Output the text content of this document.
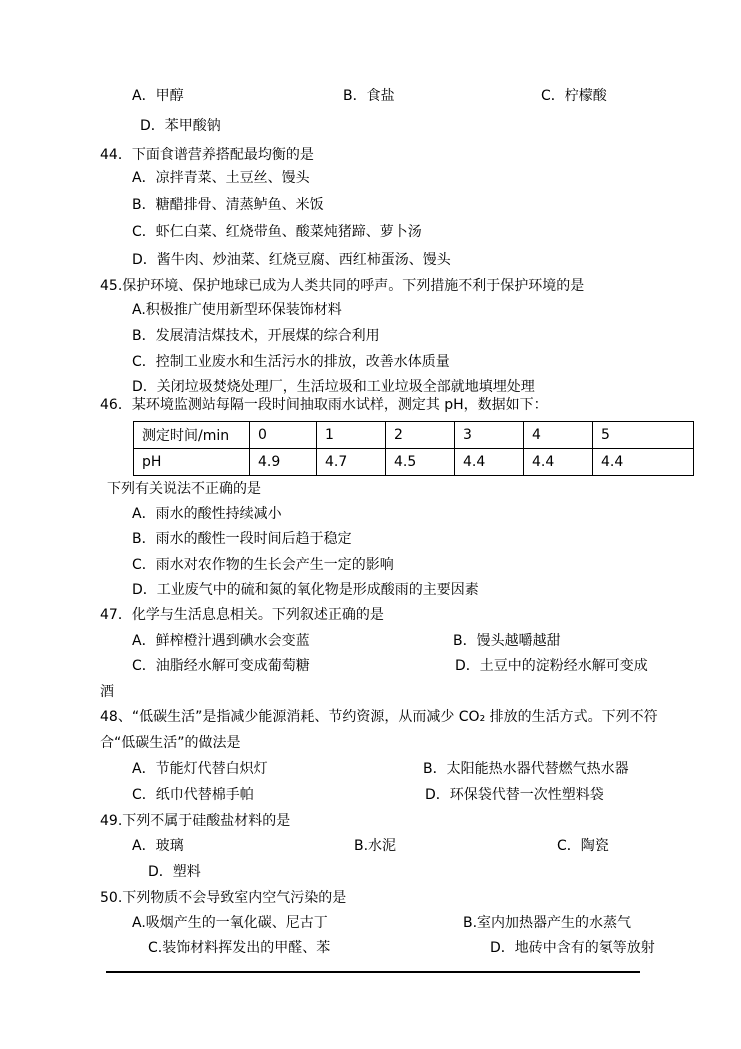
A．甲醇	B．食盐	C．柠檬酸
D．苯甲酸钠
44．下面食谱营养搭配最均衡的是
A．凉拌青菜、土豆丝、馒头
B．糖醋排骨、清蒸鲈鱼、米饭
C．虾仁白菜、红烧带鱼、酸菜炖猪蹄、萝卜汤
D．酱牛肉、炒油菜、红烧豆腐、西红柿蛋汤、馒头
45.保护环境、保护地球已成为人类共同的呼声。下列措施不利于保护环境的是
A.积极推广使用新型环保装饰材料
B．发展清洁煤技术，开展煤的综合利用
C．控制工业废水和生活污水的排放，改善水体质量
D．关闭垃圾焚烧处理厂，生活垃圾和工业垃圾全部就地填埋处理
46．某环境监测站每隔一段时间抽取雨水试样，测定其 pH，数据如下：
测定时间/min	0	1	2	3	4	5
pH	4.9	4.7	4.5	4.4	4.4	4.4
下列有关说法不正确的是
A．雨水的酸性持续减小
B．雨水的酸性一段时间后趋于稳定
C．雨水对农作物的生长会产生一定的影响
D．工业废气中的硫和氮的氧化物是形成酸雨的主要因素
47．化学与生活息息相关。下列叙述正确的是
A．鲜榨橙汁遇到碘水会变蓝	B．馒头越嚼越甜
C．油脂经水解可变成葡萄糖	D．土豆中的淀粉经水解可变成
酒
48、“低碳生活”是指减少能源消耗、节约资源，从而减少 CO₂ 排放的生活方式。下列不符
合“低碳生活”的做法是
A．节能灯代替白炽灯	B．太阳能热水器代替燃气热水器
C．纸巾代替棉手帕	D．环保袋代替一次性塑料袋
49.下列不属于硅酸盐材料的是
A．玻璃	B.水泥	C．陶瓷
D．塑料
50.下列物质不会导致室内空气污染的是
A.吸烟产生的一氧化碳、尼古丁	B.室内加热器产生的水蒸气
C.装饰材料挥发出的甲醛、苯	D．地砖中含有的氡等放射
